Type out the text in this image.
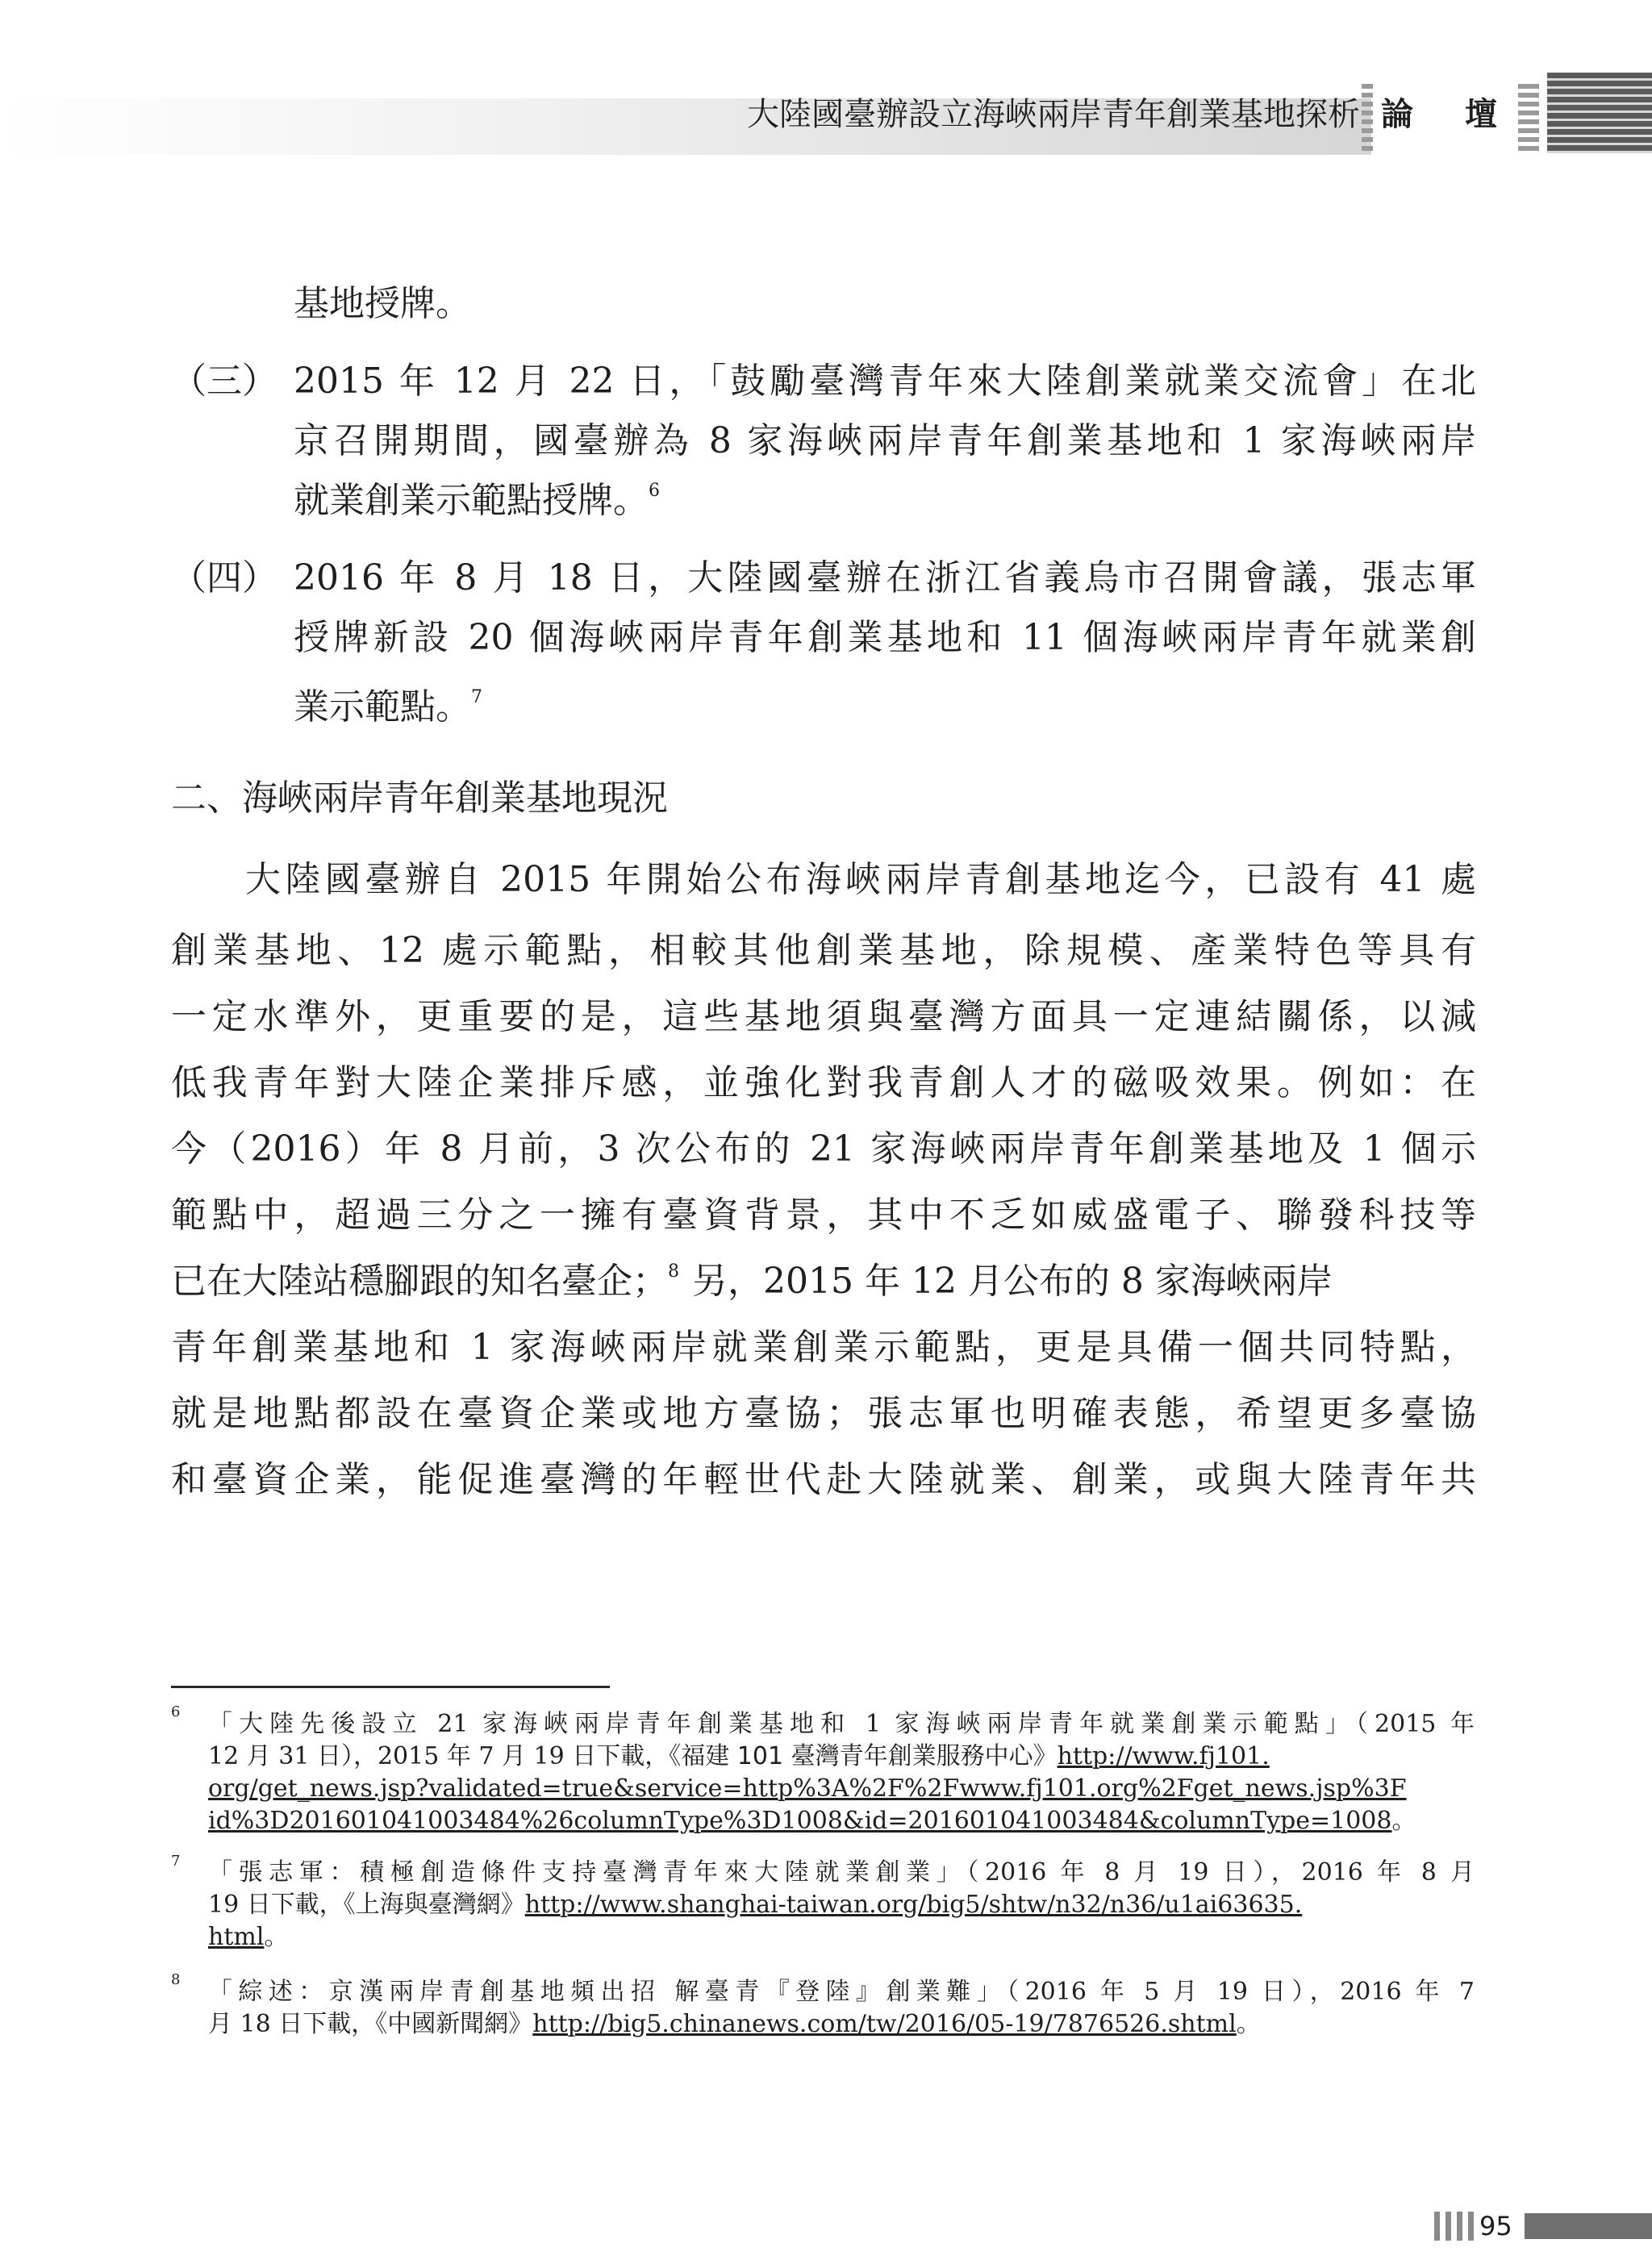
大陸國臺辦設立海峽兩岸青年創業基地探析 論 壇
基地授牌。
（三） 2015 年 12 月 22 日，「鼓勵臺灣青年來大陸創業就業交流會」在北
京召開期間，國臺辦為 8 家海峽兩岸青年創業基地和 1 家海峽兩岸
就業創業示範點授牌。$^6$
（四） 2016 年 8 月 18 日，大陸國臺辦在浙江省義烏市召開會議，張志軍
授牌新設 20 個海峽兩岸青年創業基地和 11 個海峽兩岸青年就業創
業示範點。$^7$
二、海峽兩岸青年創業基地現況
大陸國臺辦自 2015 年開始公布海峽兩岸青創基地迄今，已設有 41 處
創業基地、12 處示範點，相較其他創業基地，除規模、產業特色等具有
一定水準外，更重要的是，這些基地須與臺灣方面具一定連結關係，以減
低我青年對大陸企業排斥感，並強化對我青創人才的磁吸效果。例如：在
今（2016）年 8 月前，3 次公布的 21 家海峽兩岸青年創業基地及 1 個示
範點中，超過三分之一擁有臺資背景，其中不乏如威盛電子、聯發科技等
已在大陸站穩腳跟的知名臺企；$^8$ 另，2015 年 12 月公布的 8 家海峽兩岸
青年創業基地和 1 家海峽兩岸就業創業示範點，更是具備一個共同特點，
就是地點都設在臺資企業或地方臺協；張志軍也明確表態，希望更多臺協
和臺資企業，能促進臺灣的年輕世代赴大陸就業、創業，或與大陸青年共
6 「大陸先後設立 21 家海峽兩岸青年創業基地和 1 家海峽兩岸青年就業創業示範點」（2015 年
12 月 31 日），2015 年 7 月 19 日下載，《福建 101 臺灣青年創業服務中心》http://www.fj101.
org/get_news.jsp?validated=true&service=http%3A%2F%2Fwww.fj101.org%2Fget_news.jsp%3F
id%3D201601041003484%26columnType%3D1008&id=201601041003484&columnType=1008。
7 「張志軍：積極創造條件支持臺灣青年來大陸就業創業」（2016 年 8 月 19 日），2016 年 8 月
19 日下載，《上海與臺灣網》http://www.shanghai-taiwan.org/big5/shtw/n32/n36/u1ai63635.
html。
8 「綜述：京漢兩岸青創基地頻出招 解臺青『登陸』創業難」（2016 年 5 月 19 日），2016 年 7
月 18 日下載，《中國新聞網》http://big5.chinanews.com/tw/2016/05-19/7876526.shtml。
95
